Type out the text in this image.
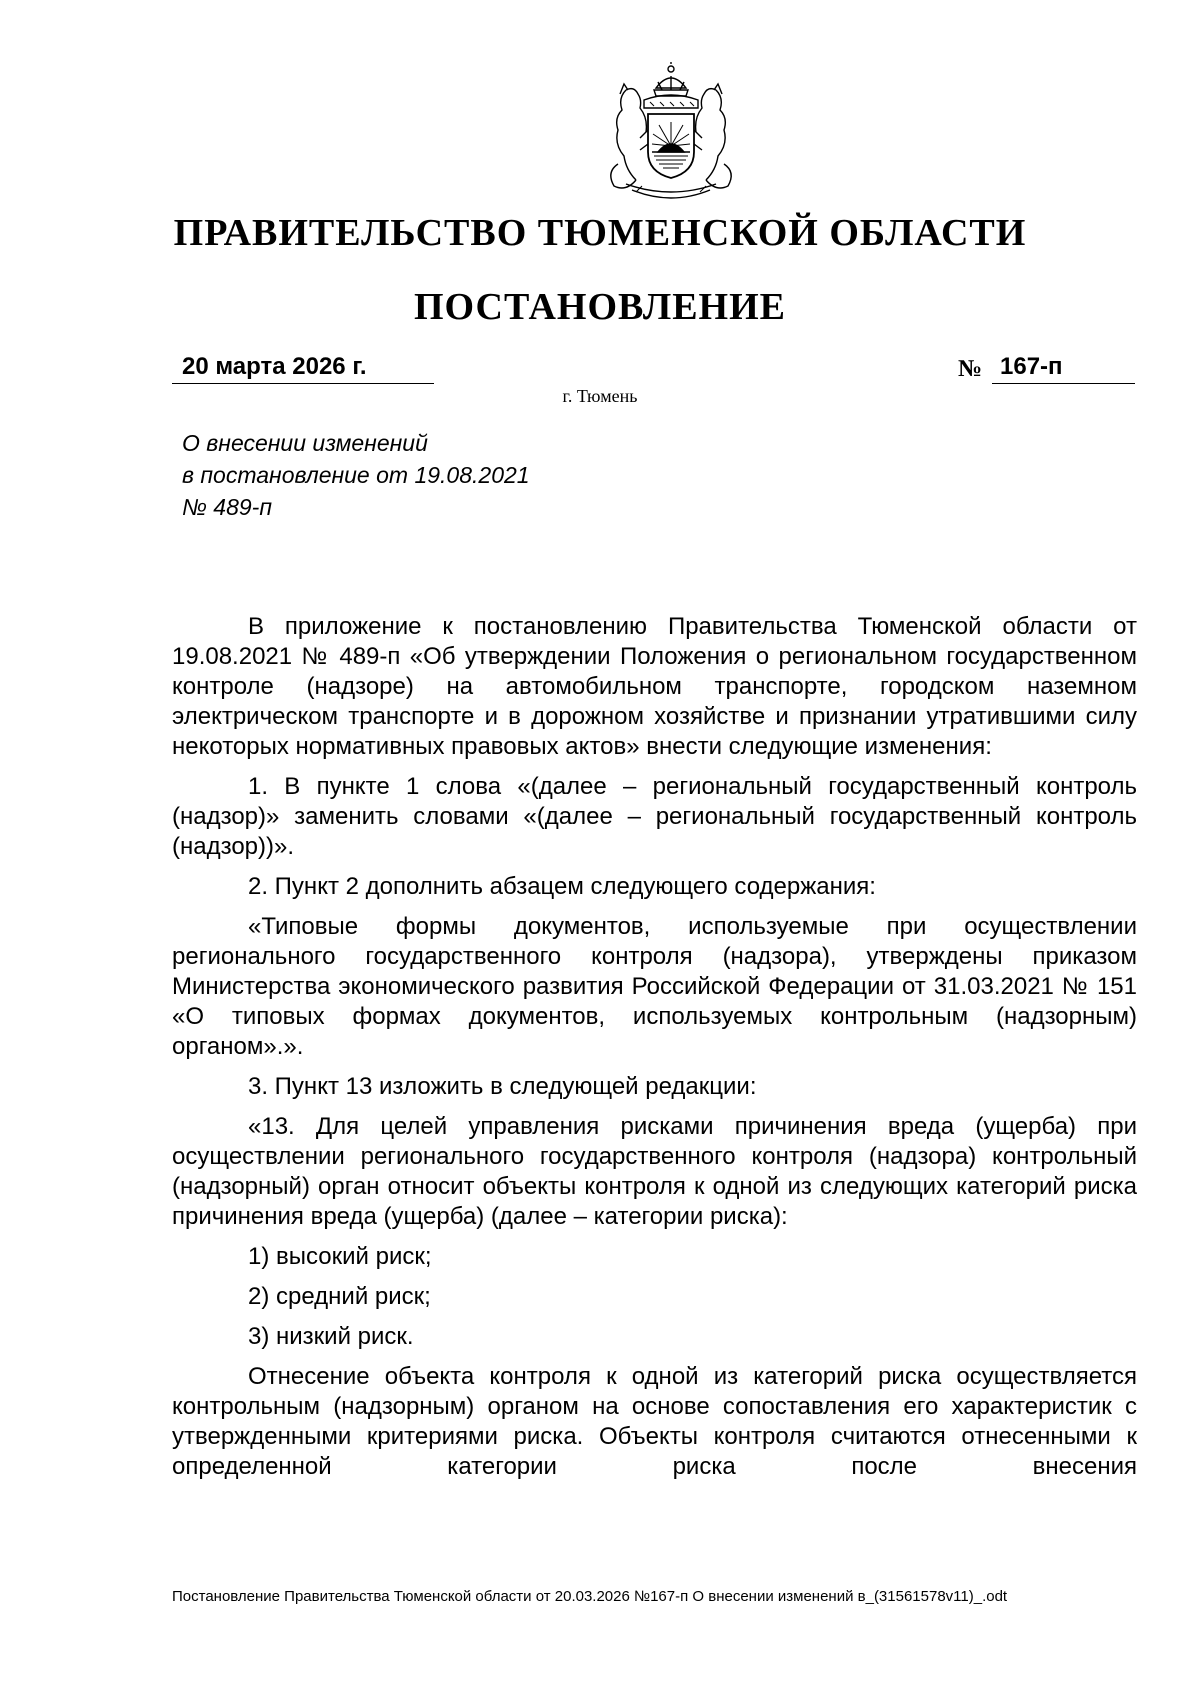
ПРАВИТЕЛЬСТВО ТЮМЕНСКОЙ ОБЛАСТИ
ПОСТАНОВЛЕНИЕ
20 марта 2026 г.	№ 167-п
г. Тюмень
О внесении изменений
в постановление от 19.08.2021
№ 489-п

В приложение к постановлению Правительства Тюменской области от 19.08.2021 № 489-п «Об утверждении Положения о региональном государственном контроле (надзоре) на автомобильном транспорте, городском наземном электрическом транспорте и в дорожном хозяйстве и признании утратившими силу некоторых нормативных правовых актов» внести следующие изменения:

1. В пункте 1 слова «(далее – региональный государственный контроль (надзор)» заменить словами «(далее – региональный государственный контроль (надзор))».

2. Пункт 2 дополнить абзацем следующего содержания:

«Типовые формы документов, используемые при осуществлении регионального государственного контроля (надзора), утверждены приказом Министерства экономического развития Российской Федерации от 31.03.2021 № 151 «О типовых формах документов, используемых контрольным (надзорным) органом».».

3. Пункт 13 изложить в следующей редакции:

«13. Для целей управления рисками причинения вреда (ущерба) при осуществлении регионального государственного контроля (надзора) контрольный (надзорный) орган относит объекты контроля к одной из следующих категорий риска причинения вреда (ущерба) (далее – категории риска):

1) высокий риск;

2) средний риск;

3) низкий риск.

Отнесение объекта контроля к одной из категорий риска осуществляется контрольным (надзорным) органом на основе сопоставления его характеристик с утвержденными критериями риска. Объекты контроля считаются отнесенными к определенной категории риска после внесения

Постановление Правительства Тюменской области от 20.03.2026 №167-п О внесении изменений в_(31561578v11)_.odt
